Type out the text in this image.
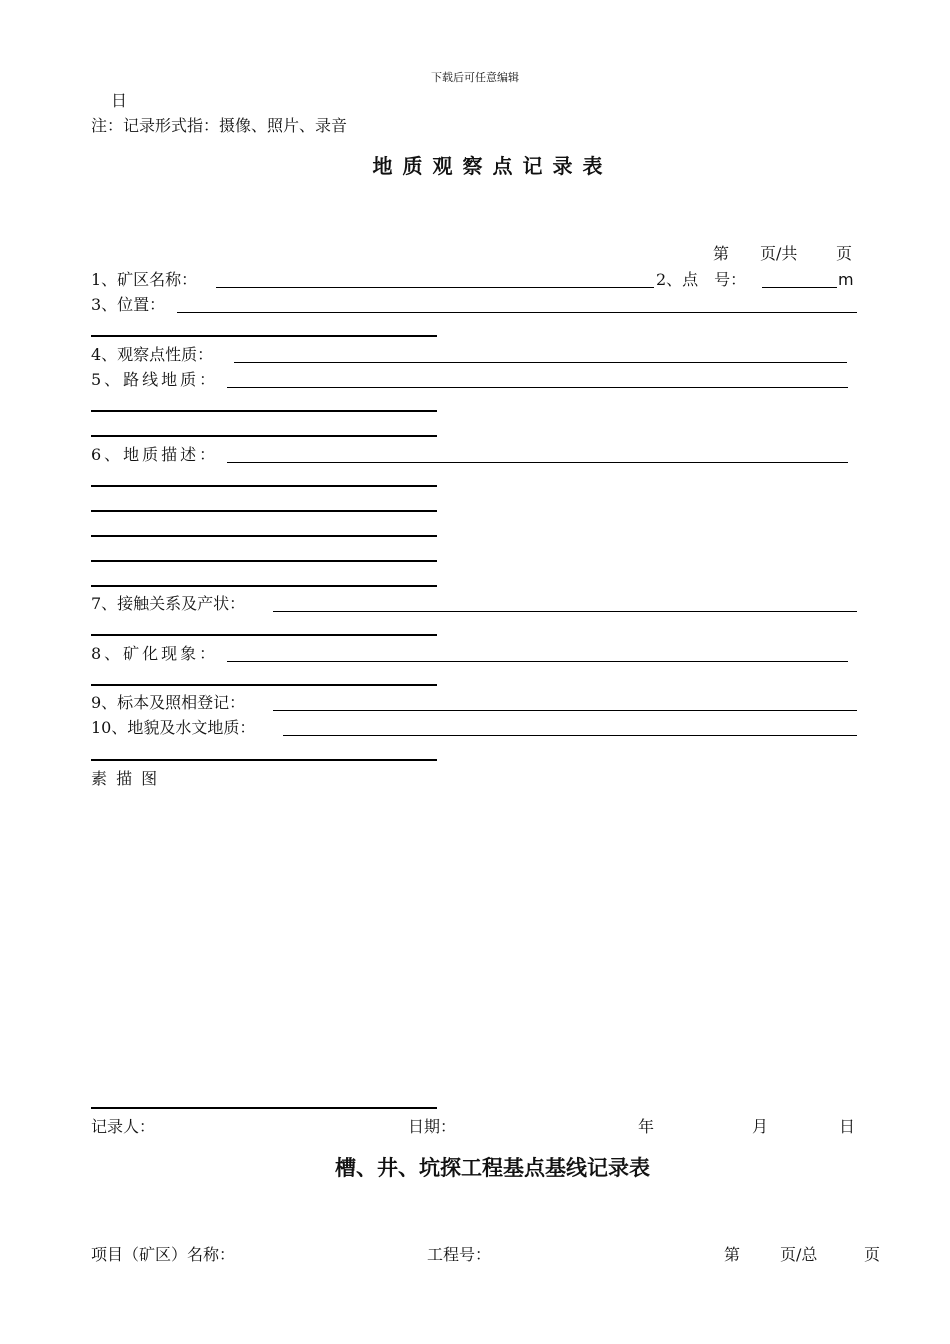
下载后可任意编辑
日
注：记录形式指：摄像、照片、录音
地质观察点记录表
第 页/共 页
1、矿区名称：	2、点　号：	m
3、位置：
4、观察点性质：
5、路线地质：
6、地质描述：
7、接触关系及产状：
8、矿化现象：
9、标本及照相登记：
10、地貌及水文地质：
素 描 图
记录人：	日期：	年	月	日
槽、井、坑探工程基点基线记录表
项目（矿区）名称：	工程号：	第 页/总	页
